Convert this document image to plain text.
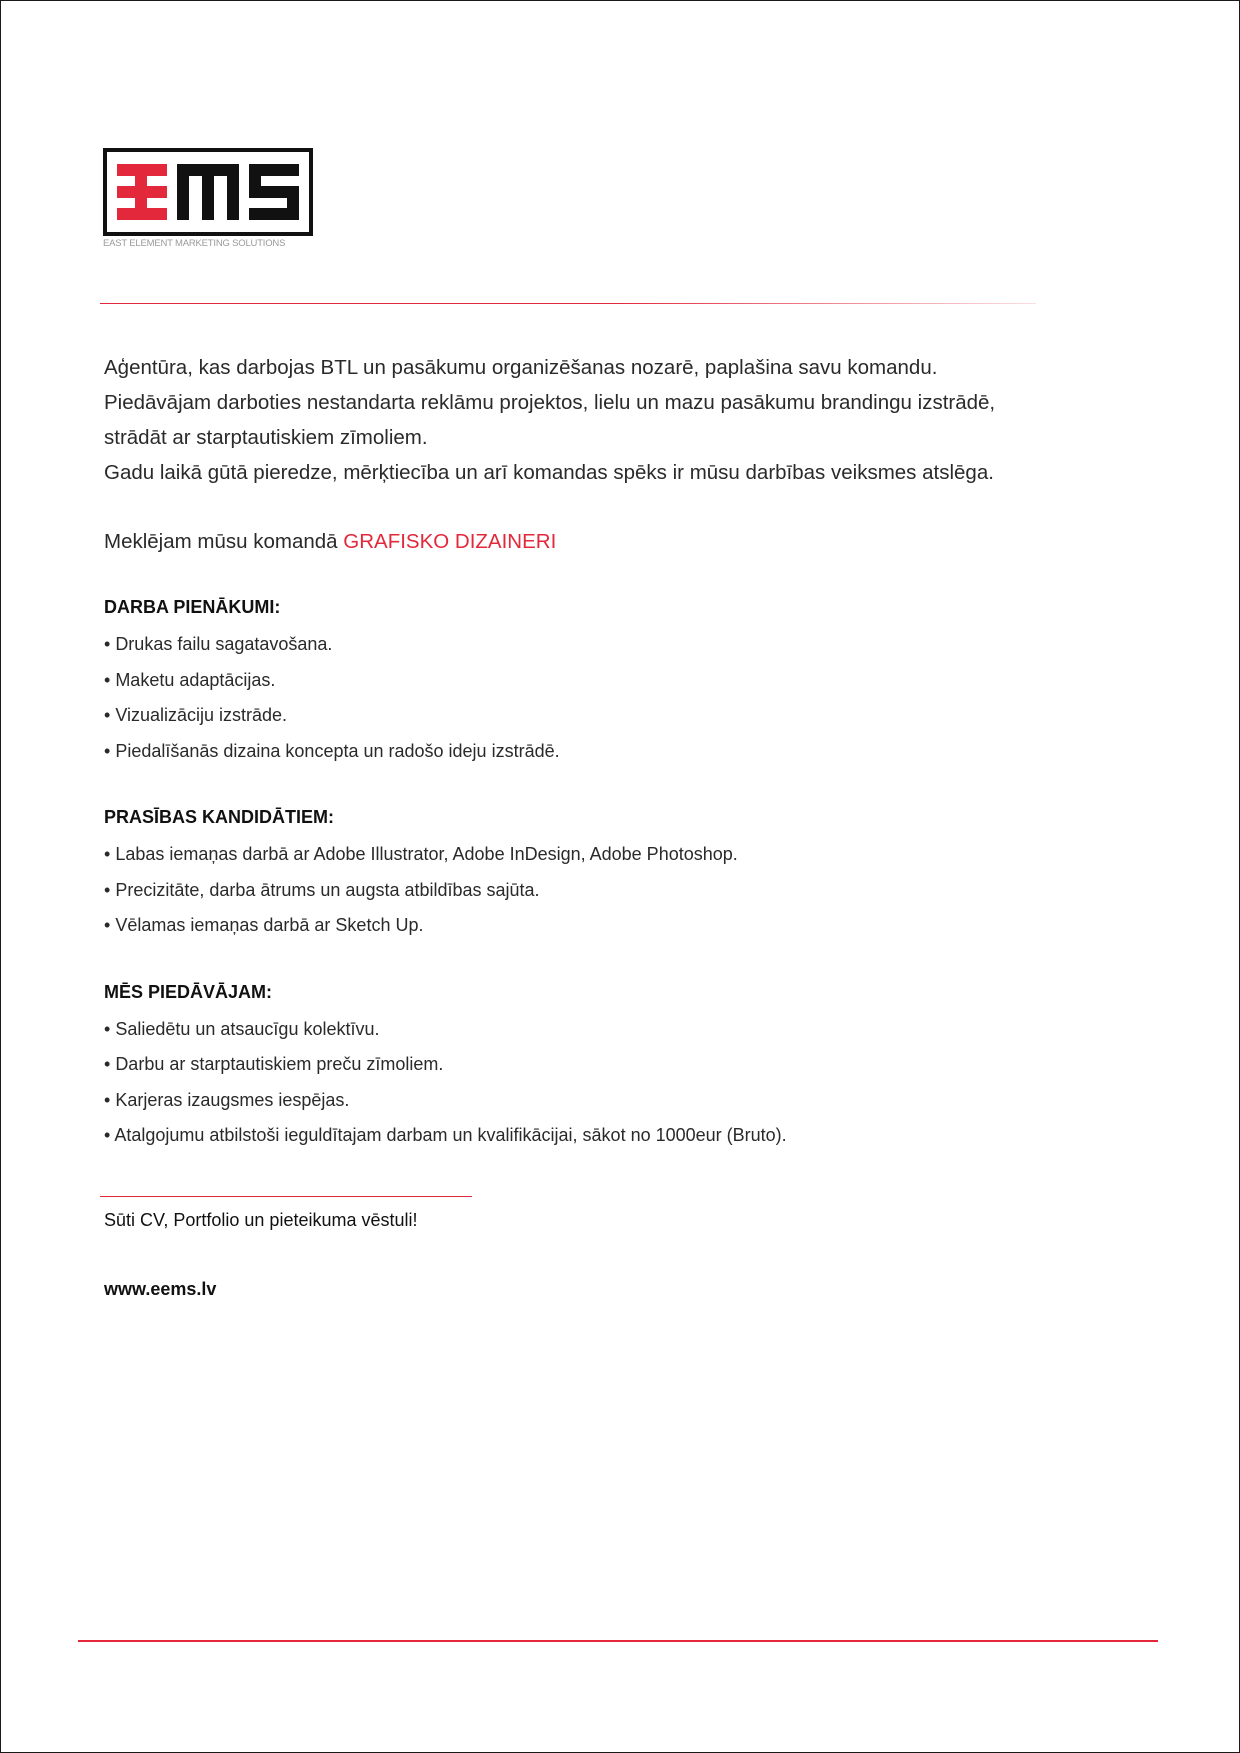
EAST ELEMENT MARKETING SOLUTIONS

Aģentūra, kas darbojas BTL un pasākumu organizēšanas nozarē, paplašina savu komandu.

Piedāvājam darboties nestandarta reklāmu projektos, lielu un mazu pasākumu brandingu izstrādē,

strādāt ar starptautiskiem zīmoliem.

Gadu laikā gūtā pieredze, mērķtiecība un arī komandas spēks ir mūsu darbības veiksmes atslēga.

Meklējam mūsu komandā GRAFISKO DIZAINERI
DARBA PIENĀKUMI:
• Drukas failu sagatavošana.
• Maketu adaptācijas.
• Vizualizāciju izstrāde.
• Piedalīšanās dizaina koncepta un radošo ideju izstrādē.
PRASĪBAS KANDIDĀTIEM:
• Labas iemaņas darbā ar Adobe Illustrator, Adobe InDesign, Adobe Photoshop.
• Precizitāte, darba ātrums un augsta atbildības sajūta.
• Vēlamas iemaņas darbā ar Sketch Up.
MĒS PIEDĀVĀJAM:
• Saliedētu un atsaucīgu kolektīvu.
• Darbu ar starptautiskiem preču zīmoliem.
• Karjeras izaugsmes iespējas.
• Atalgojumu atbilstoši ieguldītajam darbam un kvalifikācijai, sākot no 1000eur (Bruto).
Sūti CV, Portfolio un pieteikuma vēstuli!
www.eems.lv
